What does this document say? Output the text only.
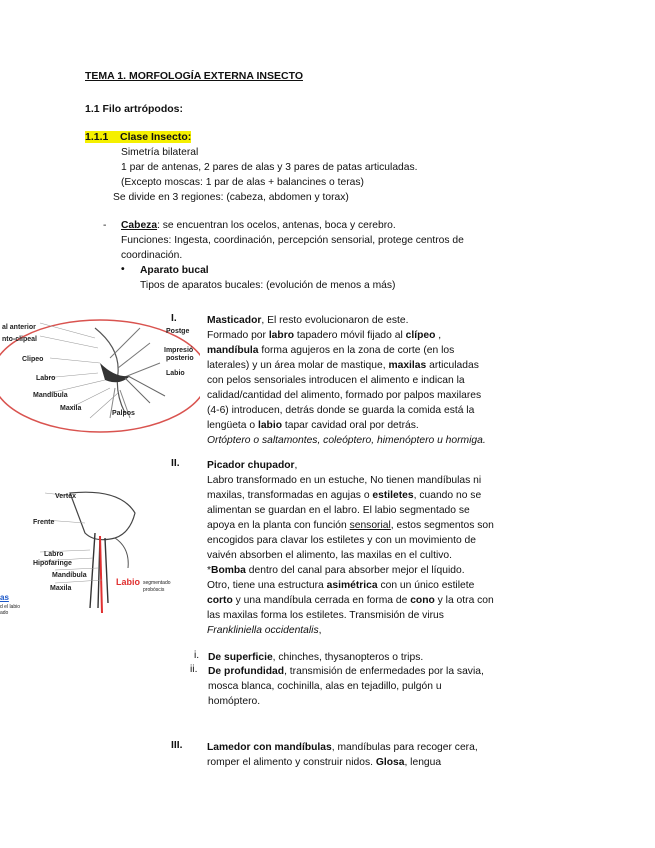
TEMA 1. MORFOLOGÍA EXTERNA INSECTO
1.1 Filo artrópodos:
1.1.1 Clase Insecto:
Simetría bilateral
1 par de antenas, 2 pares de alas y 3 pares de patas articuladas.
(Excepto moscas: 1 par de alas + balancines o teras)
Se divide en 3 regiones: (cabeza, abdomen y torax)
- Cabeza: se encuentran los ocelos, antenas, boca y cerebro.
Funciones: Ingesta, coordinación, percepción sensorial, protege centros de
coordinación.
• Aparato bucal
Tipos de aparatos bucales: (evolución de menos a más)
al anterior
nto-clipeal
Clipeo
Labro
Mandíbula
Maxila
Palpos
Postge
Impresió
posterio
Labio
I.	Masticador, El resto evolucionaron de este.
Formado por labro tapadero móvil fijado al clípeo ,
mandíbula forma agujeros en la zona de corte (en los
laterales) y un área molar de mastique, maxilas articuladas
con pelos sensoriales introducen el alimento e indican la
calidad/cantidad del alimento, formado por palpos maxilares
(4-6) introducen, detrás donde se guarda la comida está la
lengüeta o labio tapar cavidad oral por detrás.
Ortóptero o saltamontes, coleóptero, himenóptero u hormiga.
Vertex
Frente
Labro
Hipofaringe
Mandíbula
Maxila
Labio segmentado
probóscis
as
d el labio
ado
II.	Picador chupador,
Labro transformado en un estuche, No tienen mandíbulas ni
maxilas, transformadas en agujas o estiletes, cuando no se
alimentan se guardan en el labro. El labio segmentado se
apoya en la planta con función sensorial, estos segmentos son
encogidos para clavar los estiletes y con un movimiento de
vaivén absorben el alimento, las maxilas en el cultivo.
*Bomba dentro del canal para absorber mejor el líquido.
Otro, tiene una estructura asimétrica con un único estilete
corto y una mandíbula cerrada en forma de cono y la otra con
las maxilas forma los estiletes. Transmisión de virus
Frankliniella occidentalis,
i. De superficie, chinches, thysanopteros o trips.
ii. De profundidad, transmisión de enfermedades por la savia,
mosca blanca, cochinilla, alas en tejadillo, pulgón u
homóptero.
III. Lamedor con mandíbulas, mandíbulas para recoger cera,
romper el alimento y construir nidos. Glosa, lengua
